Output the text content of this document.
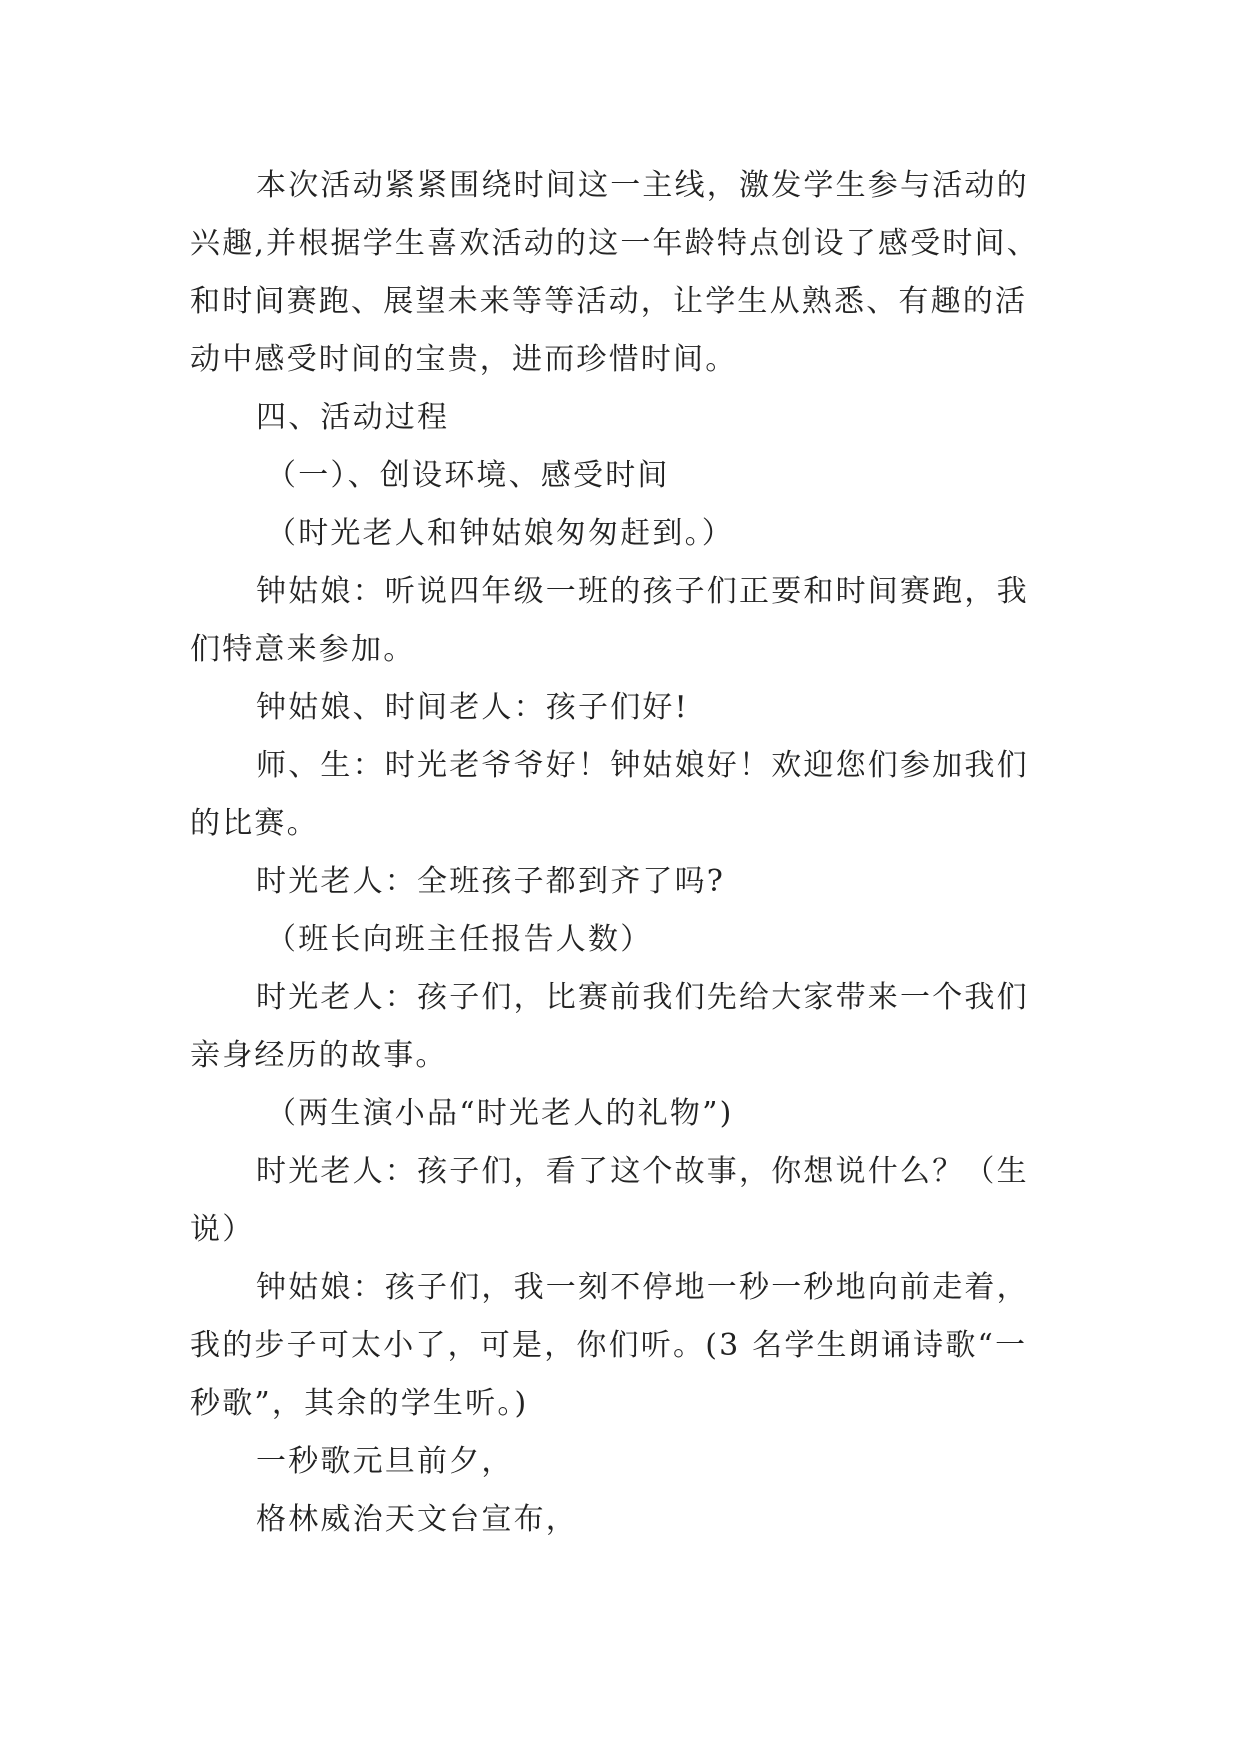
本次活动紧紧围绕时间这一主线，激发学生参与活动的
兴趣,并根据学生喜欢活动的这一年龄特点创设了感受时间、
和时间赛跑、展望未来等等活动，让学生从熟悉、有趣的活
动中感受时间的宝贵，进而珍惜时间。
四、活动过程
（一）、创设环境、感受时间
（时光老人和钟姑娘匆匆赶到。）
钟姑娘：听说四年级一班的孩子们正要和时间赛跑，我
们特意来参加。
钟姑娘、时间老人：孩子们好!
师、生：时光老爷爷好！钟姑娘好！欢迎您们参加我们
的比赛。
时光老人：全班孩子都到齐了吗?
（班长向班主任报告人数）
时光老人：孩子们，比赛前我们先给大家带来一个我们
亲身经历的故事。
（两生演小品“时光老人的礼物”)
时光老人：孩子们，看了这个故事，你想说什么？（生
说）
钟姑娘：孩子们，我一刻不停地一秒一秒地向前走着，
我的步子可太小了，可是，你们听。(3 名学生朗诵诗歌“一
秒歌”，其余的学生听。)
一秒歌元旦前夕，
格林威治天文台宣布，
